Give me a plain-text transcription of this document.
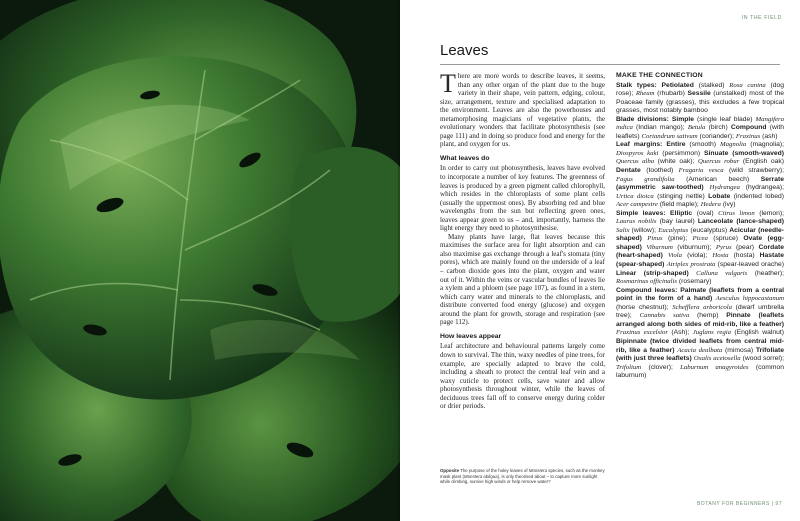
IN THE FIELD
Leaves

There are more words to describe leaves, it seems, than any other organ of the plant due to the huge variety in their shape, vein pattern, edging, colour, size, arrangement, texture and specialised adaptation to the environment. Leaves are also the powerhouses and metamorphosing magicians of vegetative plants, the evolutionary wonders that facilitate photosynthesis (see page 111) and in doing so produce food and energy for the plant, and oxygen for us.

What leaves do

In order to carry out photosynthesis, leaves have evolved to incorporate a number of key features. The greenness of leaves is produced by a green pigment called chlorophyll, which resides in the chloroplasts of some plant cells (usually the uppermost ones). By absorbing red and blue wavelengths from the sun but reflecting green ones, leaves appear green to us – and, importantly, harness the light energy they need to photosynthesise.

Many plants have large, flat leaves because this maximises the surface area for light absorption and can also maximise gas exchange through a leaf's stomata (tiny pores), which are mainly found on the underside of a leaf – carbon dioxide goes into the plant, oxygen and water out of it. Within the veins or vascular bundles of leaves lie a xylem and a phloem (see page 107), as found in a stem, which carry water and minerals to the chloroplasts, and distribute converted food energy (glucose) and oxygen around the plant for growth, storage and respiration (see page 112).

How leaves appear

Leaf architecture and behavioural patterns largely come down to survival. The thin, waxy needles of pine trees, for example, are specially adapted to brave the cold, including a sheath to protect the central leaf vein and a waxy cuticle to protect cells, save water and allow photosynthesis throughout winter, while the leaves of deciduous trees fall off to conserve energy during colder or drier periods.

MAKE THE CONNECTION

Stalk types: Petiolated (stalked) Rosa canina (dog rose); Rheum (rhubarb) Sessile (unstalked) most of the Poaceae family (grasses), this excludes a few tropical grasses, most notably bamboo

Blade divisions: Simple (single leaf blade) Mangifera indica (Indian mango); Betula (birch) Compound (with leaflets) Coriandrum sativum (coriander); Fraxinus (ash)

Leaf margins: Entire (smooth) Magnolia (magnolia); Diospyros kaki (persimmon) Sinuate (smooth-waved) Quercus alba (white oak); Quercus robur (English oak) Dentate (toothed) Fragaria vesca (wild strawberry); Fagus grandifolia (American beech) Serrate (asymmetric saw-toothed) Hydrangea (hydrangea); Urtica dioica (stinging nettle) Lobate (indented lobed) Acer campestre (field maple); Hedera (ivy)

Simple leaves: Elliptic (oval) Citrus limon (lemon); Laurus nobilis (bay laurel) Lanceolate (lance-shaped) Salix (willow); Eucalyptus (eucalyptus) Acicular (needle-shaped) Pinus (pine); Picea (spruce) Ovate (egg-shaped) Viburnum (viburnum); Pyrus (pear) Cordate (heart-shaped) Viola (viola); Hosta (hosta) Hastate (spear-shaped) Atriplex prostrata (spear-leaved orache) Linear (strip-shaped) Calluna vulgaris (heather); Rosmarinus officinalis (rosemary)

Compound leaves: Palmate (leaflets from a central point in the form of a hand) Aesculus hippocastanum (horse chestnut); Schefflera arboricola (dwarf umbrella tree); Cannabis sativa (hemp) Pinnate (leaflets arranged along both sides of mid-rib, like a feather) Fraxinus excelsior (Ash); Juglans regia (English walnut) Bipinnate (twice divided leaflets from central mid-rib, like a feather) Acacia dealbata (mimosa) Trifoliate (with just three leaflets) Oxalis acetosella (wood sorrel); Trifolium (clover); Laburnum anagyroides (common laburnum)

Opposite The purpose of the holey leaves of Monstera species, such as the monkey mask plant (Monstera obliqua), is only theorised about – to capture more sunlight while climbing, survive high winds or help remove water?
BOTANY FOR BEGINNERS | 97
